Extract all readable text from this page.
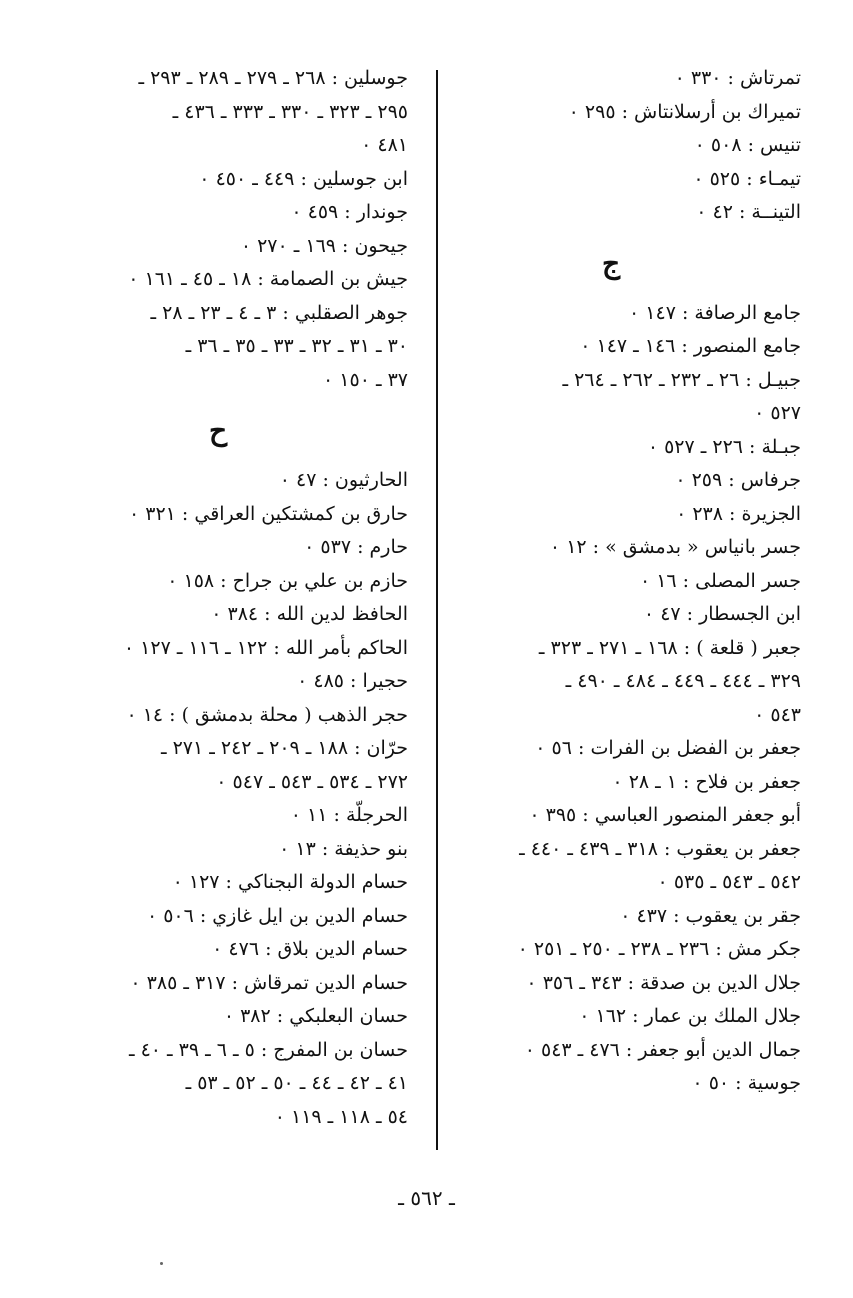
تمرتاش : ٣٣٠ ٠
تميراك بن أرسلانتاش : ٢٩٥ ٠
تنيس : ٥٠٨ ٠
تيمـاء : ٥٢٥ ٠
التينــة : ٤٢ ٠
ج
جامع الرصافة : ١٤٧ ٠
جامع المنصور : ١٤٦ ـ ١٤٧ ٠
جبيـل : ٢٦ ـ ٢٣٢ ـ ٢٦٢ ـ ٢٦٤ ـ
٥٢٧ ٠
جبـلة : ٢٢٦ ـ ٥٢٧ ٠
جرفاس : ٢٥٩ ٠
الجزيرة : ٢٣٨ ٠
جسر بانياس « بدمشق » : ١٢ ٠
جسر المصلى : ١٦ ٠
ابن الجسطار : ٤٧ ٠
جعبر ( قلعة ) : ١٦٨ ـ ٢٧١ ـ ٣٢٣ ـ
٣٢٩ ـ ٤٤٤ ـ ٤٤٩ ـ ٤٨٤ ـ ٤٩٠ ـ
٥٤٣ ٠
جعفر بن الفضل بن الفرات : ٥٦ ٠
جعفر بن فلاح : ١ ـ ٢٨ ٠
أبو جعفر المنصور العباسي : ٣٩٥ ٠
جعفر بن يعقوب : ٣١٨ ـ ٤٣٩ ـ ٤٤٠ ـ
٥٤٢ ـ ٥٤٣ ـ ٥٣٥ ٠
جقر بن يعقوب : ٤٣٧ ٠
جكر مش : ٢٣٦ ـ ٢٣٨ ـ ٢٥٠ ـ ٢٥١ ٠
جلال الدين بن صدقة : ٣٤٣ ـ ٣٥٦ ٠
جلال الملك بن عمار : ١٦٢ ٠
جمال الدين أبو جعفر : ٤٧٦ ـ ٥٤٣ ٠
جوسية : ٥٠ ٠
جوسلين : ٢٦٨ ـ ٢٧٩ ـ ٢٨٩ ـ ٢٩٣ ـ
٢٩٥ ـ ٣٢٣ ـ ٣٣٠ ـ ٣٣٣ ـ ٤٣٦ ـ
٤٨١ ٠
ابن جوسلين : ٤٤٩ ـ ٤٥٠ ٠
جوندار : ٤٥٩ ٠
جيحون : ١٦٩ ـ ٢٧٠ ٠
جيش بن الصمامة : ١٨ ـ ٤٥ ـ ١٦١ ٠
جوهر الصقلبي : ٣ ـ ٤ ـ ٢٣ ـ ٢٨ ـ
٣٠ ـ ٣١ ـ ٣٢ ـ ٣٣ ـ ٣٥ ـ ٣٦ ـ
٣٧ ـ ١٥٠ ٠
ح
الحارثيون : ٤٧ ٠
حارق بن كمشتكين العراقي : ٣٢١ ٠
حارم : ٥٣٧ ٠
حازم بن علي بن جراح : ١٥٨ ٠
الحافظ لدين الله : ٣٨٤ ٠
الحاكم بأمر الله : ١٢٢ ـ ١١٦ ـ ١٢٧ ٠
حجيرا : ٤٨٥ ٠
حجر الذهب ( محلة بدمشق ) : ١٤ ٠
حرّان : ١٨٨ ـ ٢٠٩ ـ ٢٤٢ ـ ٢٧١ ـ
٢٧٢ ـ ٥٣٤ ـ ٥٤٣ ـ ٥٤٧ ٠
الحرجلّة : ١١ ٠
بنو حذيفة : ١٣ ٠
حسام الدولة البجناكي : ١٢٧ ٠
حسام الدين بن ايل غازي : ٥٠٦ ٠
حسام الدين بلاق : ٤٧٦ ٠
حسام الدين تمرقاش : ٣١٧ ـ ٣٨٥ ٠
حسان البعلبكي : ٣٨٢ ٠
حسان بن المفرج : ٥ ـ ٦ ـ ٣٩ ـ ٤٠ ـ
٤١ ـ ٤٢ ـ ٤٤ ـ ٥٠ ـ ٥٢ ـ ٥٣ ـ
٥٤ ـ ١١٨ ـ ١١٩ ٠
ـ ٥٦٢ ـ
